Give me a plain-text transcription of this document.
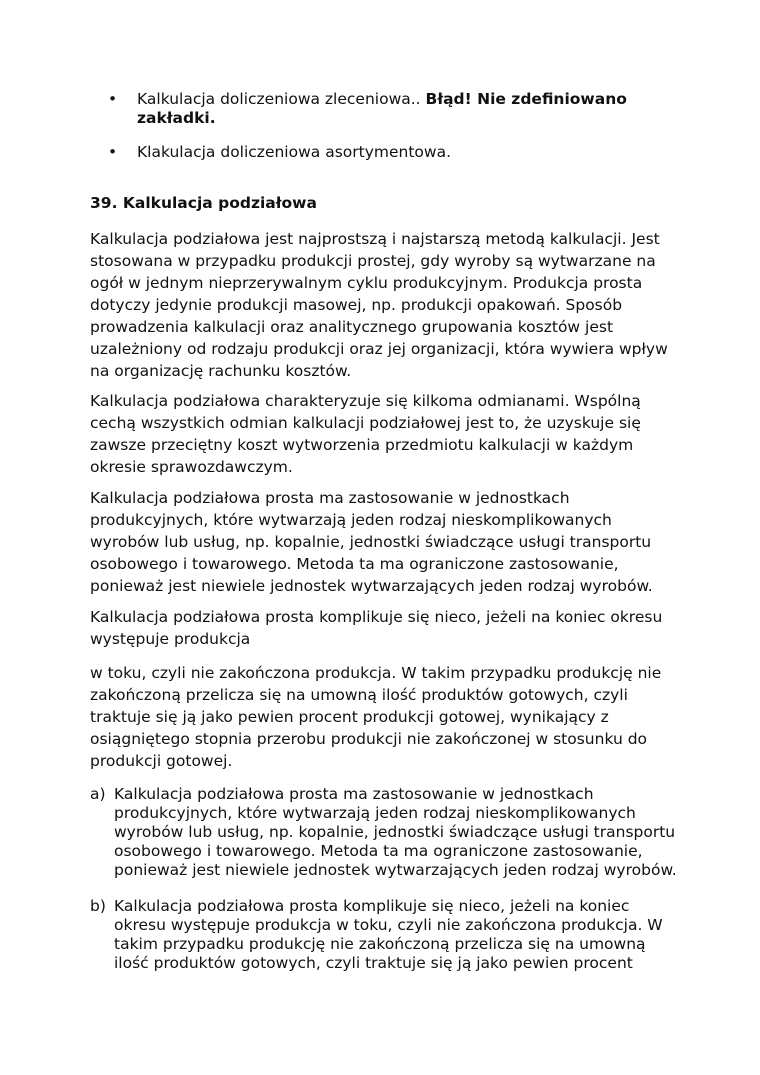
• Kalkulacja doliczeniowa zleceniowa.. Błąd! Nie zdefiniowano zakładki.
• Klakulacja doliczeniowa asortymentowa.
39. Kalkulacja podziałowa

Kalkulacja podziałowa jest najprostszą i najstarszą metodą kalkulacji. Jest stosowana w przypadku produkcji prostej, gdy wyroby są wytwarzane na ogół w jednym nieprzerywalnym cyklu produkcyjnym. Produkcja prosta dotyczy jedynie produkcji masowej, np. produkcji opakowań. Sposób prowadzenia kalkulacji oraz analitycznego grupowania kosztów jest uzależniony od rodzaju produkcji oraz jej organizacji, która wywiera wpływ na organizację rachunku kosztów.

Kalkulacja podziałowa charakteryzuje się kilkoma odmianami. Wspólną cechą wszystkich odmian kalkulacji podziałowej jest to, że uzyskuje się zawsze przeciętny koszt wytworzenia przedmiotu kalkulacji w każdym okresie sprawozdawczym.

Kalkulacja podziałowa prosta ma zastosowanie w jednostkach produkcyjnych, które wytwarzają jeden rodzaj nieskomplikowanych wyrobów lub usług, np. kopalnie, jednostki świadczące usługi transportu osobowego i towarowego. Metoda ta ma ograniczone zastosowanie, ponieważ jest niewiele jednostek wytwarzających jeden rodzaj wyrobów.

Kalkulacja podziałowa prosta komplikuje się nieco, jeżeli na koniec okresu występuje produkcja

w toku, czyli nie zakończona produkcja. W takim przypadku produkcję nie zakończoną przelicza się na umowną ilość produktów gotowych, czyli traktuje się ją jako pewien procent produkcji gotowej, wynikający z osiągniętego stopnia przerobu produkcji nie zakończonej w stosunku do produkcji gotowej.

a) Kalkulacja podziałowa prosta ma zastosowanie w jednostkach produkcyjnych, które wytwarzają jeden rodzaj nieskomplikowanych wyrobów lub usług, np. kopalnie, jednostki świadczące usługi transportu osobowego i towarowego. Metoda ta ma ograniczone zastosowanie, ponieważ jest niewiele jednostek wytwarzających jeden rodzaj wyrobów.
b) Kalkulacja podziałowa prosta komplikuje się nieco, jeżeli na koniec okresu występuje produkcja w toku, czyli nie zakończona produkcja. W takim przypadku produkcję nie zakończoną przelicza się na umowną ilość produktów gotowych, czyli traktuje się ją jako pewien procent
